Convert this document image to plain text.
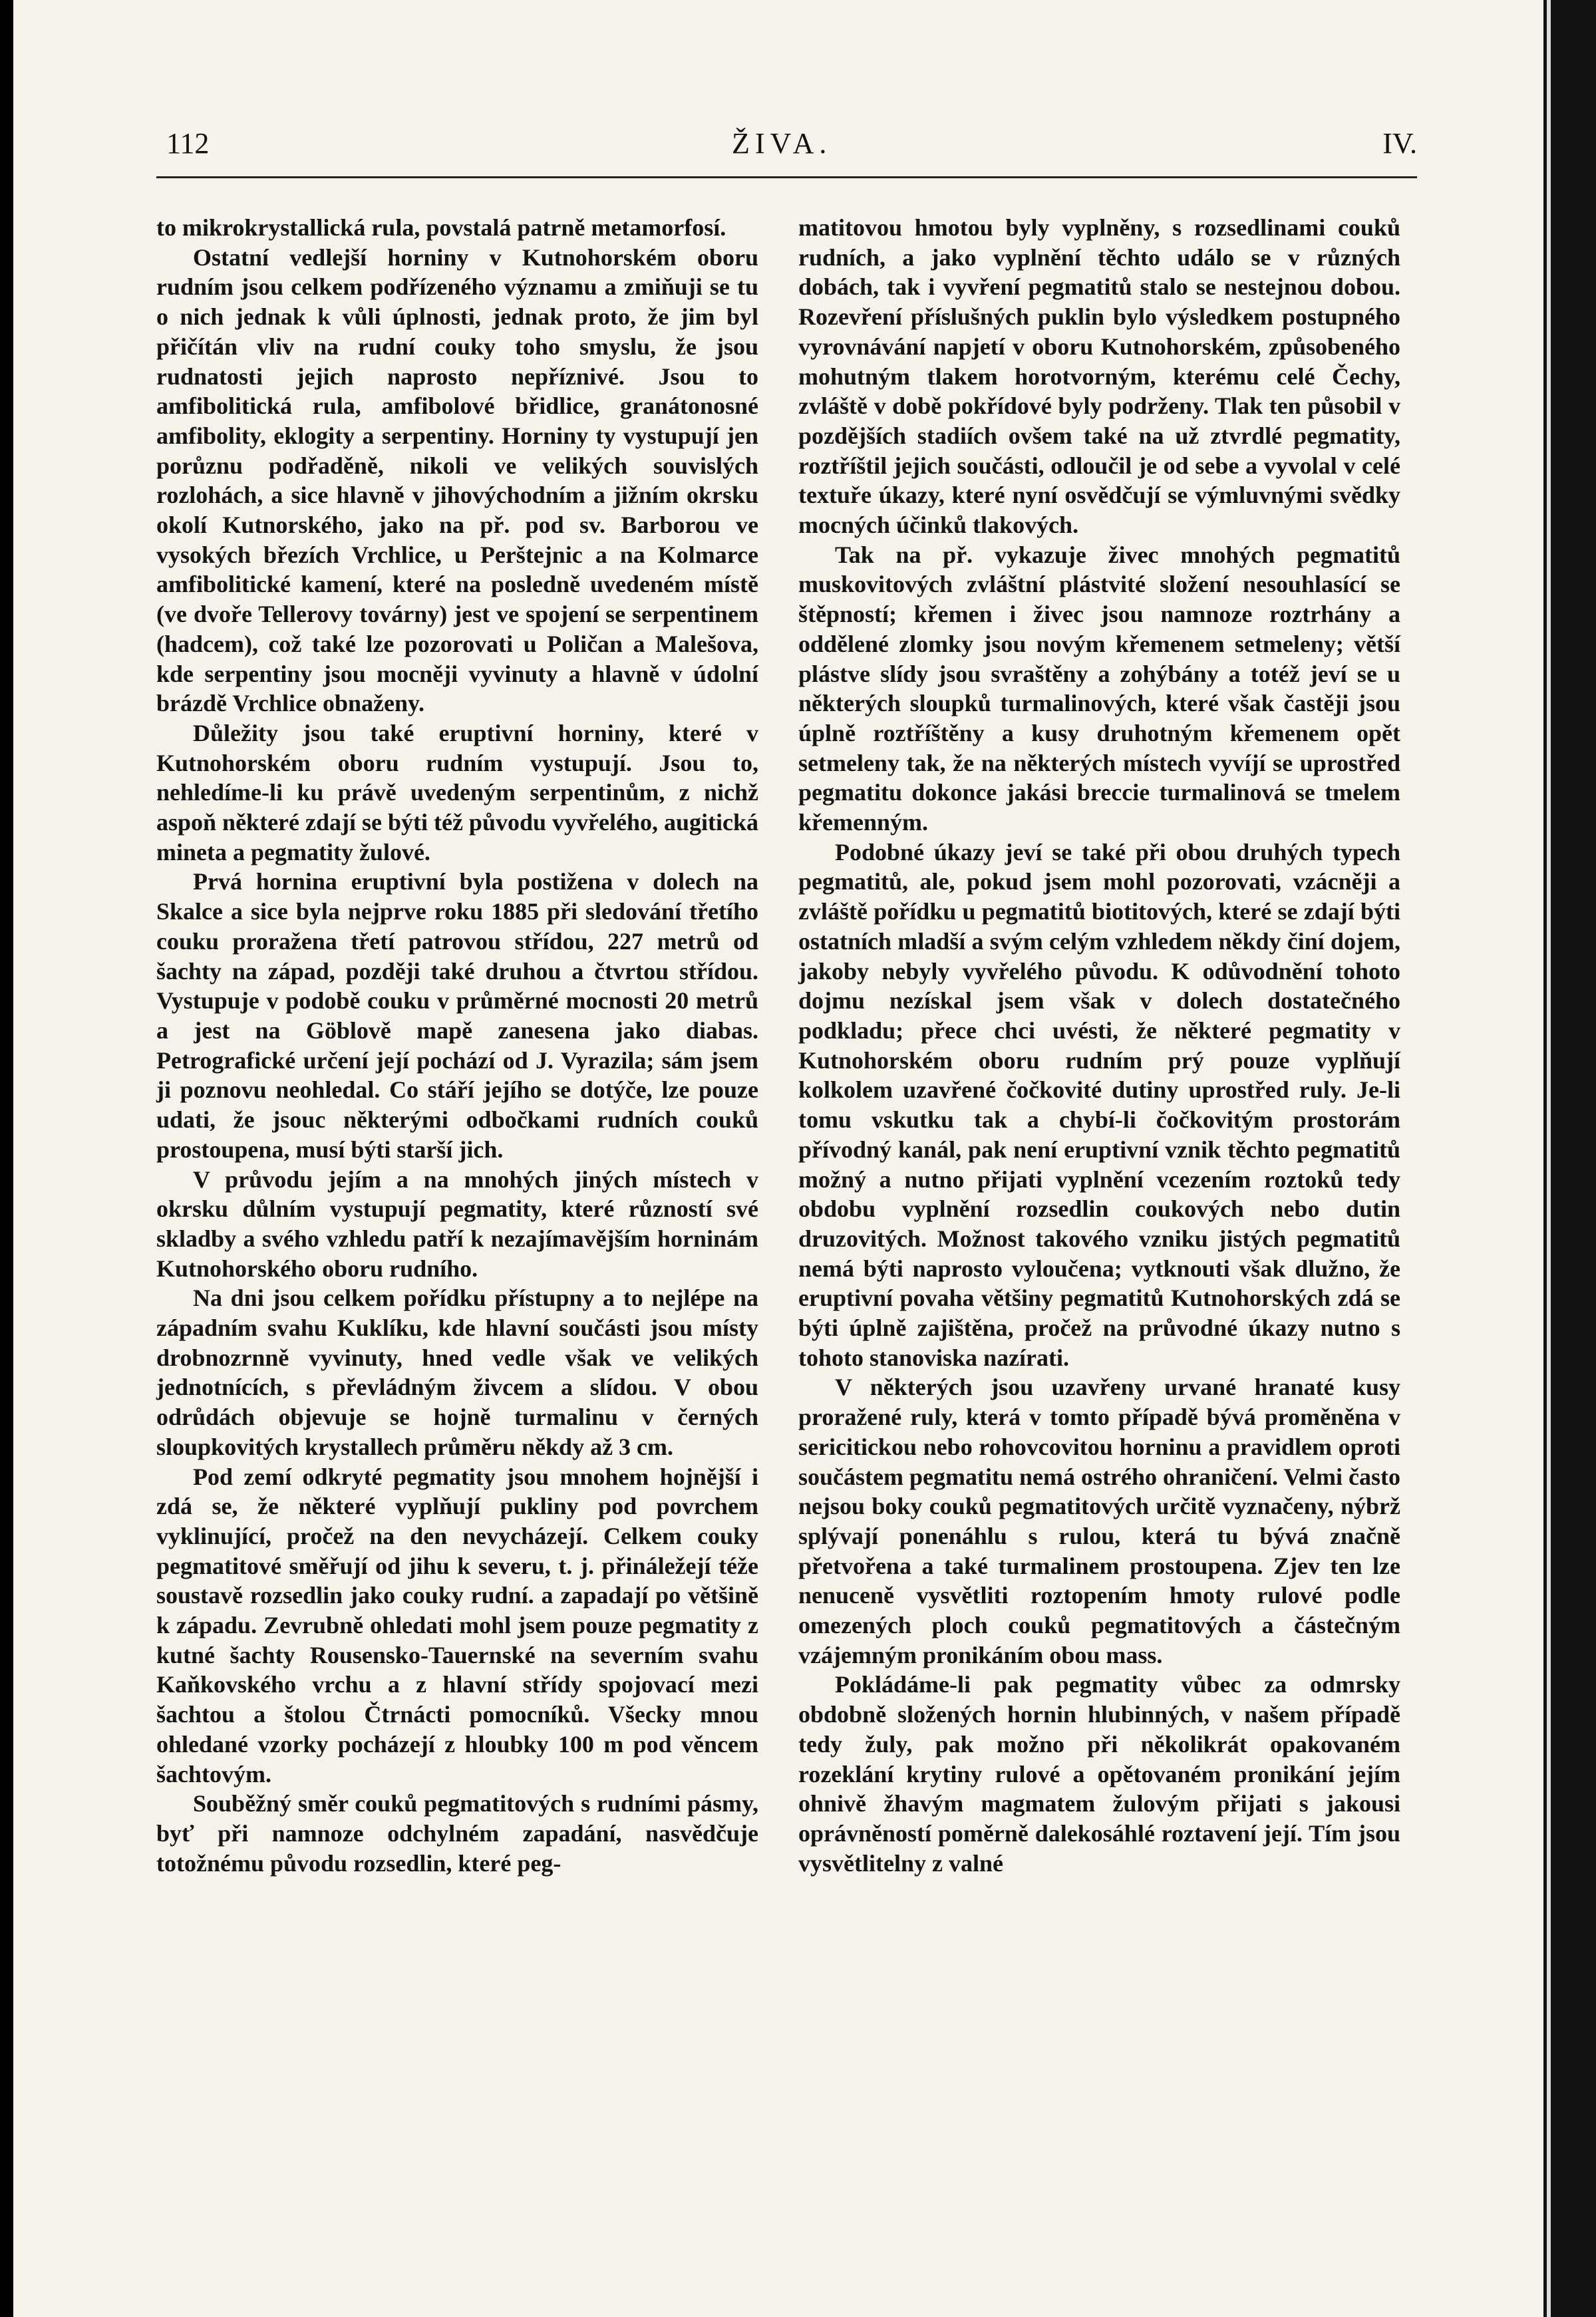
112	ŽIVA.	IV.

to mikrokrystallická rula, povstalá patrně metamorfosí.

Ostatní vedlejší horniny v Kutnohorském oboru rudním jsou celkem podřízeného významu a zmiňuji se tu o nich jednak k vůli úplnosti, jednak proto, že jim byl přičítán vliv na rudní couky toho smyslu, že jsou rudnatosti jejich naprosto nepříznivé. Jsou to amfibolitická rula, amfibolové břidlice, granátonosné amfibolity, eklogity a serpentiny. Horniny ty vystupují jen porůznu podřaděně, nikoli ve velikých souvislých rozlohách, a sice hlavně v jihovýchodním a jižním okrsku okolí Kutnorského, jako na př. pod sv. Barborou ve vysokých březích Vrchlice, u Perštejnic a na Kolmarce amfibolitické kamení, které na posledně uvedeném místě (ve dvoře Tellerovy továrny) jest ve spojení se serpentinem (hadcem), což také lze pozorovati u Poličan a Malešova, kde serpentiny jsou mocněji vyvinuty a hlavně v údolní brázdě Vrchlice obnaženy.

Důležity jsou také eruptivní horniny, které v Kutnohorském oboru rudním vystupují. Jsou to, nehledíme-li ku právě uvedeným serpentinům, z nichž aspoň některé zdají se býti též původu vyvřelého, augitická mineta a pegmatity žulové.

Prvá hornina eruptivní byla postižena v dolech na Skalce a sice byla nejprve roku 1885 při sledování třetího couku proražena třetí patrovou střídou, 227 metrů od šachty na západ, později také druhou a čtvrtou střídou. Vystupuje v podobě couku v průměrné mocnosti 20 metrů a jest na Göblově mapě zanesena jako diabas. Petrografické určení její pochází od J. Vyrazila; sám jsem ji poznovu neohledal. Co stáří jejího se dotýče, lze pouze udati, že jsouc některými odbočkami rudních couků prostoupena, musí býti starší jich.

V průvodu jejím a na mnohých jiných místech v okrsku důlním vystupují pegmatity, které růzností své skladby a svého vzhledu patří k nezajímavějším horninám Kutnohorského oboru rudního.

Na dni jsou celkem pořídku přístupny a to nejlépe na západním svahu Kuklíku, kde hlavní součásti jsou místy drobnozrnně vyvinuty, hned vedle však ve velikých jednotnících, s převládným živcem a slídou. V obou odrůdách objevuje se hojně turmalinu v černých sloupkovitých krystallech průměru někdy až 3 cm.

Pod zemí odkryté pegmatity jsou mnohem hojnější i zdá se, že některé vyplňují pukliny pod povrchem vyklinující, pročež na den nevycházejí. Celkem couky pegmatitové směřují od jihu k severu, t. j. přináležejí téže soustavě rozsedlin jako couky rudní. a zapadají po většině k západu. Zevrubně ohledati mohl jsem pouze pegmatity z kutné šachty Rousensko-Tauernské na severním svahu Kaňkovského vrchu a z hlavní střídy spojovací mezi šachtou a štolou Čtrnácti pomocníků. Všecky mnou ohledané vzorky pocházejí z hloubky 100 m pod věncem šachtovým.

Souběžný směr couků pegmatitových s rudními pásmy, byť při namnoze odchylném zapadání, nasvědčuje totožnému původu rozsedlin, které peg-

matitovou hmotou byly vyplněny, s rozsedlinami couků rudních, a jako vyplnění těchto událo se v různých dobách, tak i vyvření pegmatitů stalo se nestejnou dobou. Rozevření příslušných puklin bylo výsledkem postupného vyrovnávání napjetí v oboru Kutnohorském, způsobeného mohutným tlakem horotvorným, kterému celé Čechy, zvláště v době pokřídové byly podrženy. Tlak ten působil v pozdějších stadiích ovšem také na už ztvrdlé pegmatity, roztříštil jejich součásti, odloučil je od sebe a vyvolal v celé textuře úkazy, které nyní osvědčují se výmluvnými svědky mocných účinků tlakových.

Tak na př. vykazuje živec mnohých pegmatitů muskovitových zvláštní plástvité složení nesouhlasící se štěpností; křemen i živec jsou namnoze roztrhány a oddělené zlomky jsou novým křemenem setmeleny; větší plástve slídy jsou svraštěny a zohýbány a totéž jeví se u některých sloupků turmalinových, které však častěji jsou úplně roztříštěny a kusy druhotným křemenem opět setmeleny tak, že na některých místech vyvíjí se uprostřed pegmatitu dokonce jakási breccie turmalinová se tmelem křemenným.

Podobné úkazy jeví se také při obou druhých typech pegmatitů, ale, pokud jsem mohl pozorovati, vzácněji a zvláště pořídku u pegmatitů biotitových, které se zdají býti ostatních mladší a svým celým vzhledem někdy činí dojem, jakoby nebyly vyvřelého původu. K odůvodnění tohoto dojmu nezískal jsem však v dolech dostatečného podkladu; přece chci uvésti, že některé pegmatity v Kutnohorském oboru rudním prý pouze vyplňují kolkolem uzavřené čočkovité dutiny uprostřed ruly. Je-li tomu vskutku tak a chybí-li čočkovitým prostorám přívodný kanál, pak není eruptivní vznik těchto pegmatitů možný a nutno přijati vyplnění vcezením roztoků tedy obdobu vyplnění rozsedlin coukových nebo dutin druzovitých. Možnost takového vzniku jistých pegmatitů nemá býti naprosto vyloučena; vytknouti však dlužno, že eruptivní povaha většiny pegmatitů Kutnohorských zdá se býti úplně zajištěna, pročež na průvodné úkazy nutno s tohoto stanoviska nazírati.

V některých jsou uzavřeny urvané hranaté kusy proražené ruly, která v tomto případě bývá proměněna v sericitickou nebo rohovcovitou horninu a pravidlem oproti součástem pegmatitu nemá ostrého ohraničení. Velmi často nejsou boky couků pegmatitových určitě vyznačeny, nýbrž splývají ponenáhlu s rulou, která tu bývá značně přetvořena a také turmalinem prostoupena. Zjev ten lze nenuceně vysvětliti roztopením hmoty rulové podle omezených ploch couků pegmatitových a částečným vzájemným pronikáním obou mass.

Pokládáme-li pak pegmatity vůbec za odmrsky obdobně složených hornin hlubinných, v našem případě tedy žuly, pak možno při několikrát opakovaném rozeklání krytiny rulové a opětovaném pronikání jejím ohnivě žhavým magmatem žulovým přijati s jakousi oprávněností poměrně dalekosáhlé roztavení její. Tím jsou vysvětlitelny z valné
